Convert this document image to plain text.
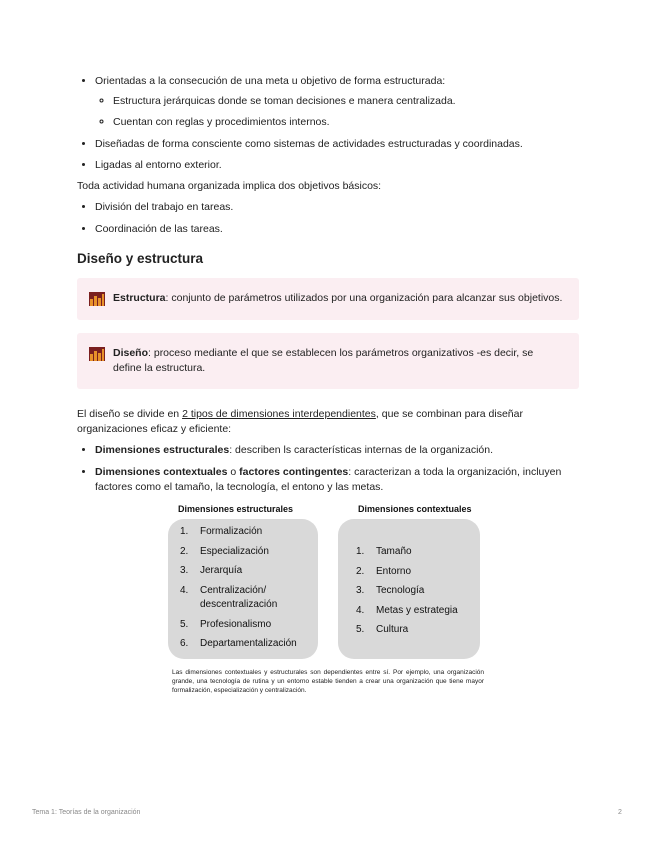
• Orientadas a la consecución de una meta u objetivo de forma estructurada:
◦ Estructura jerárquicas donde se toman decisiones e manera centralizada.
◦ Cuentan con reglas y procedimientos internos.
• Diseñadas de forma consciente como sistemas de actividades estructuradas y coordinadas.
• Ligadas al entorno exterior.

Toda actividad humana organizada implica dos objetivos básicos:

• División del trabajo en tareas.
• Coordinación de las tareas.
Diseño y estructura
Estructura: conjunto de parámetros utilizados por una organización para alcanzar sus objetivos.
Diseño: proceso mediante el que se establecen los parámetros organizativos -es decir, se define la estructura.

El diseño se divide en 2 tipos de dimensiones interdependientes, que se combinan para diseñar organizaciones eficaz y eficiente:

• Dimensiones estructurales: describen ls características internas de la organización.
• Dimensiones contextuales o factores contingentes: caracterizan a toda la organización, incluyen factores como el tamaño, la tecnología, el entono y las metas.
Dimensiones estructurales	Dimensiones contextuales
1.	Formalización
2.	Especialización
3.	Jerarquía
4.	Centralización/ descentralización
5.	Profesionalismo
6.	Departamentalización
1.	Tamaño
2.	Entorno
3.	Tecnología
4.	Metas y estrategia
5.	Cultura
Las dimensiones contextuales y estructurales son dependientes entre sí. Por ejemplo, una organización grande, una tecnología de rutina y un entorno estable tienden a crear una organización que tiene mayor formalización, especialización y centralización.
Tema 1: Teorías de la organización	2
